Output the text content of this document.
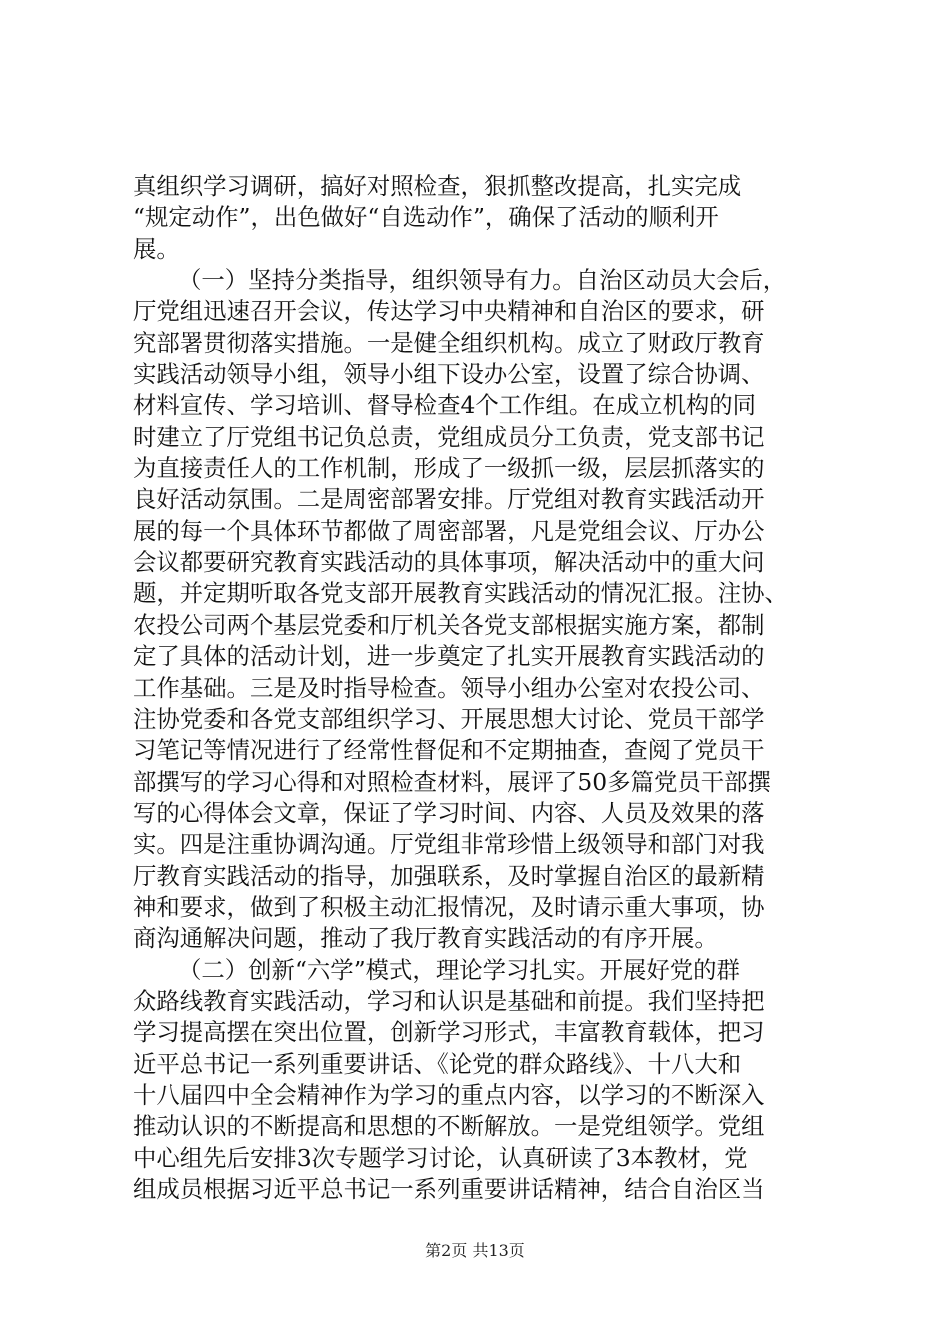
真组织学习调研，搞好对照检查，狠抓整改提高，扎实完成
“规定动作”，出色做好“自选动作”，确保了活动的顺利开
展。
（一）坚持分类指导，组织领导有力。自治区动员大会后，
厅党组迅速召开会议，传达学习中央精神和自治区的要求，研
究部署贯彻落实措施。一是健全组织机构。成立了财政厅教育
实践活动领导小组，领导小组下设办公室，设置了综合协调、
材料宣传、学习培训、督导检查4个工作组。在成立机构的同
时建立了厅党组书记负总责，党组成员分工负责，党支部书记
为直接责任人的工作机制，形成了一级抓一级，层层抓落实的
良好活动氛围。二是周密部署安排。厅党组对教育实践活动开
展的每一个具体环节都做了周密部署，凡是党组会议、厅办公
会议都要研究教育实践活动的具体事项，解决活动中的重大问
题，并定期听取各党支部开展教育实践活动的情况汇报。注协、
农投公司两个基层党委和厅机关各党支部根据实施方案，都制
定了具体的活动计划，进一步奠定了扎实开展教育实践活动的
工作基础。三是及时指导检查。领导小组办公室对农投公司、
注协党委和各党支部组织学习、开展思想大讨论、党员干部学
习笔记等情况进行了经常性督促和不定期抽查，查阅了党员干
部撰写的学习心得和对照检查材料，展评了50多篇党员干部撰
写的心得体会文章，保证了学习时间、内容、人员及效果的落
实。四是注重协调沟通。厅党组非常珍惜上级领导和部门对我
厅教育实践活动的指导，加强联系，及时掌握自治区的最新精
神和要求，做到了积极主动汇报情况，及时请示重大事项，协
商沟通解决问题，推动了我厅教育实践活动的有序开展。
（二）创新“六学”模式，理论学习扎实。开展好党的群
众路线教育实践活动，学习和认识是基础和前提。我们坚持把
学习提高摆在突出位置，创新学习形式，丰富教育载体，把习
近平总书记一系列重要讲话、《论党的群众路线》、十八大和
十八届四中全会精神作为学习的重点内容，以学习的不断深入
推动认识的不断提高和思想的不断解放。一是党组领学。党组
中心组先后安排3次专题学习讨论，认真研读了3本教材，党
组成员根据习近平总书记一系列重要讲话精神，结合自治区当
第2页 共13页
